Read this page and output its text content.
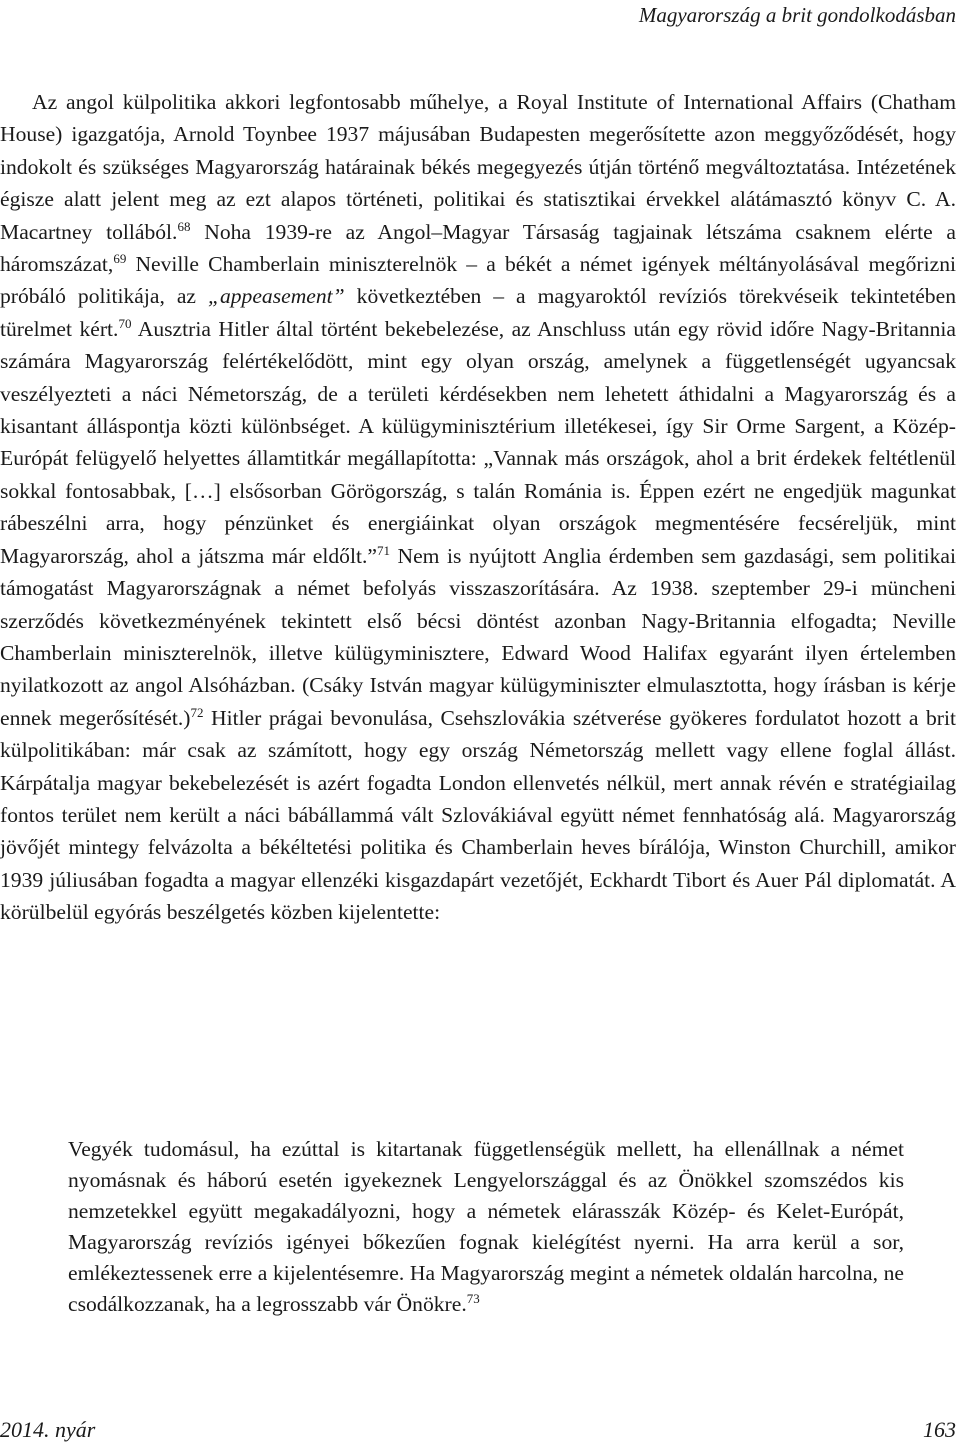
Magyarország a brit gondolkodásban

Az angol külpolitika akkori legfontosabb műhelye, a Royal Institute of International Affairs (Chatham House) igazgatója, Arnold Toynbee 1937 májusában Budapesten megerősítette azon meggyőződését, hogy indokolt és szükséges Magyarország határainak békés megegyezés útján történő megváltoztatása. Intézetének égisze alatt jelent meg az ezt alapos történeti, politikai és statisztikai érvekkel alátámasztó könyv C. A. Macartney tollából.$^{68}$ Noha 1939-re az Angol–Magyar Társaság tagjainak létszáma csaknem elérte a háromszázat,$^{69}$ Neville Chamberlain miniszterelnök – a békét a német igények méltányolásával megőrizni próbáló politikája, az „appeasement” következtében – a magyaroktól revíziós törekvéseik tekintetében türelmet kért.$^{70}$ Ausztria Hitler által történt bekebelezése, az Anschluss után egy rövid időre Nagy-Britannia számára Magyarország felértékelődött, mint egy olyan ország, amelynek a függetlenségét ugyancsak veszélyezteti a náci Németország, de a területi kérdésekben nem lehetett áthidalni a Magyarország és a kisantant álláspontja közti különbséget. A külügyminisztérium illetékesei, így Sir Orme Sargent, a Közép-Európát felügyelő helyettes államtitkár megállapította: „Vannak más országok, ahol a brit érdekek feltétlenül sokkal fontosabbak, […] elsősorban Görögország, s talán Románia is. Éppen ezért ne engedjük magunkat rábeszélni arra, hogy pénzünket és energiáinkat olyan országok megmentésére fecséreljük, mint Magyarország, ahol a játszma már eldőlt.”$^{71}$ Nem is nyújtott Anglia érdemben sem gazdasági, sem politikai támogatást Magyarországnak a német befolyás visszaszorítására. Az 1938. szeptember 29-i müncheni szerződés következményének tekintett első bécsi döntést azonban Nagy-Britannia elfogadta; Neville Chamberlain miniszterelnök, illetve külügyminisztere, Edward Wood Halifax egyaránt ilyen értelemben nyilatkozott az angol Alsóházban. (Csáky István magyar külügyminiszter elmulasztotta, hogy írásban is kérje ennek megerősítését.)$^{72}$ Hitler prágai bevonulása, Csehszlovákia szétverése gyökeres fordulatot hozott a brit külpolitikában: már csak az számított, hogy egy ország Németország mellett vagy ellene foglal állást. Kárpátalja magyar bekebelezését is azért fogadta London ellenvetés nélkül, mert annak révén e stratégiailag fontos terület nem került a náci bábállammá vált Szlovákiával együtt német fennhatóság alá. Magyarország jövőjét mintegy felvázolta a békéltetési politika és Chamberlain heves bírálója, Winston Churchill, amikor 1939 júliusában fogadta a magyar ellenzéki kisgazdapárt vezetőjét, Eckhardt Tibort és Auer Pál diplomatát. A körülbelül egyórás beszélgetés közben kijelentette:

Vegyék tudomásul, ha ezúttal is kitartanak függetlenségük mellett, ha ellenállnak a német nyomásnak és háború esetén igyekeznek Lengyelországgal és az Önökkel szomszédos kis nemzetekkel együtt megakadályozni, hogy a németek elárasszák Közép- és Kelet-Európát, Magyarország revíziós igényei bőkezűen fognak kielégítést nyerni. Ha arra kerül a sor, emlékeztessenek erre a kijelentésemre. Ha Magyarország megint a németek oldalán harcolna, ne csodálkozzanak, ha a legrosszabb vár Önökre.$^{73}$

2014. nyár	163
